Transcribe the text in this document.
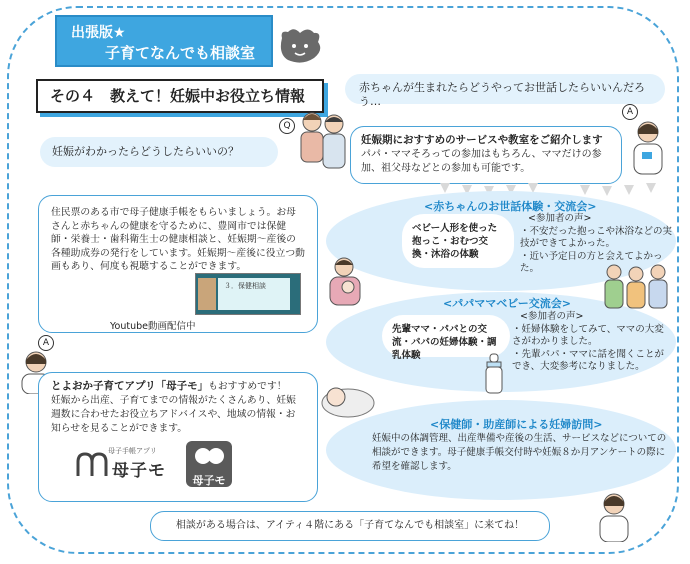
出張版★
子育てなんでも相談室
その４　教えて！妊娠中お役立ち情報	赤ちゃんが生まれたらどうやってお世話したらいいんだろう…
A
妊娠がわかったらどうしたらいいの？
Q
妊娠期におすすめのサービスや教室をご紹介します
パパ・ママそろっての参加はもちろん、ママだけの参加、祖父母などとの参加も可能です。
住民票のある市で母子健康手帳をもらいましょう。お母さんと赤ちゃんの健康を守るために、豊岡市では保健師・栄養士・歯科衛生士の健康相談と、妊娠期～産後の各種助成券の発行をしています。妊娠期～産後に役立つ動画もあり、何度も視聴することができます。
３．保健相談
Youtube動画配信中
A
とよおか子育てアプリ「母子モ」もおすすめです！
妊娠から出産、子育てまでの情報がたくさんあり、妊娠週数に合わせたお役立ちアドバイスや、地域の情報・お知らせを見ることができます。
母子手帳アプリ
母子モ	母子モ
<赤ちゃんのお世話体験・交流会>
ベビー人形を使った抱っこ・おむつ交換・沐浴の体験
<参加者の声>
・不安だった抱っこや沐浴などの実技ができてよかった。
・近い予定日の方と会えてよかった。
<パパママベビー交流会>
先輩ママ・パパとの交流・パパの妊婦体験・調乳体験
<参加者の声>
・妊婦体験をしてみて、ママの大変さがわかりました。
・先輩パパ・ママに話を聞くことができ、大変参考になりました。
<保健師・助産師による妊婦訪問>
妊娠中の体調管理、出産準備や産後の生活、サービスなどについての相談ができます。母子健康手帳交付時や妊娠８か月アンケートの際に希望を確認します。
相談がある場合は、アイティ４階にある「子育てなんでも相談室」に来てね！
